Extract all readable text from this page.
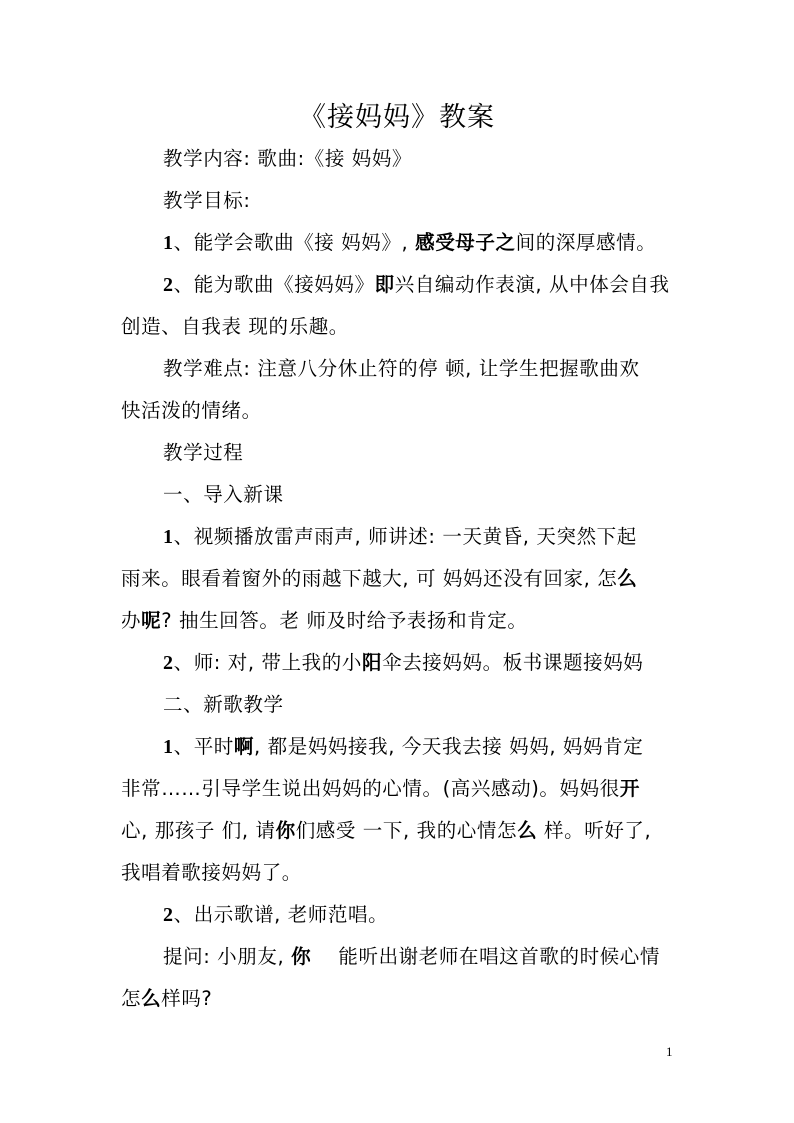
《接妈妈》教案
教学内容: 歌曲:《接 妈妈》
教学目标:
1、能学会歌曲《接 妈妈》, 感受母子之间的深厚感情。
2、能为歌曲《接妈妈》即兴自编动作表演, 从中体会自我
创造、自我表 现的乐趣。
教学难点: 注意八分休止符的停 顿, 让学生把握歌曲欢
快活泼的情绪。
教学过程
一、导入新课
1、视频播放雷声雨声, 师讲述: 一天黄昏, 天突然下起
雨来。眼看着窗外的雨越下越大, 可 妈妈还没有回家, 怎么
办呢? 抽生回答。老 师及时给予表扬和肯定。
2、师: 对, 带上我的小阳伞去接妈妈。板书课题接妈妈
二、新歌教学
1、平时啊, 都是妈妈接我, 今天我去接 妈妈, 妈妈肯定
非常……引导学生说出妈妈的心情。(高兴感动)。妈妈很开
心, 那孩子 们, 请你们感受 一下, 我的心情怎么 样。听好了,
我唱着歌接妈妈了。
2、出示歌谱, 老师范唱。
提问: 小朋友, 你    能听出谢老师在唱这首歌的时候心情
怎么样吗?
1
